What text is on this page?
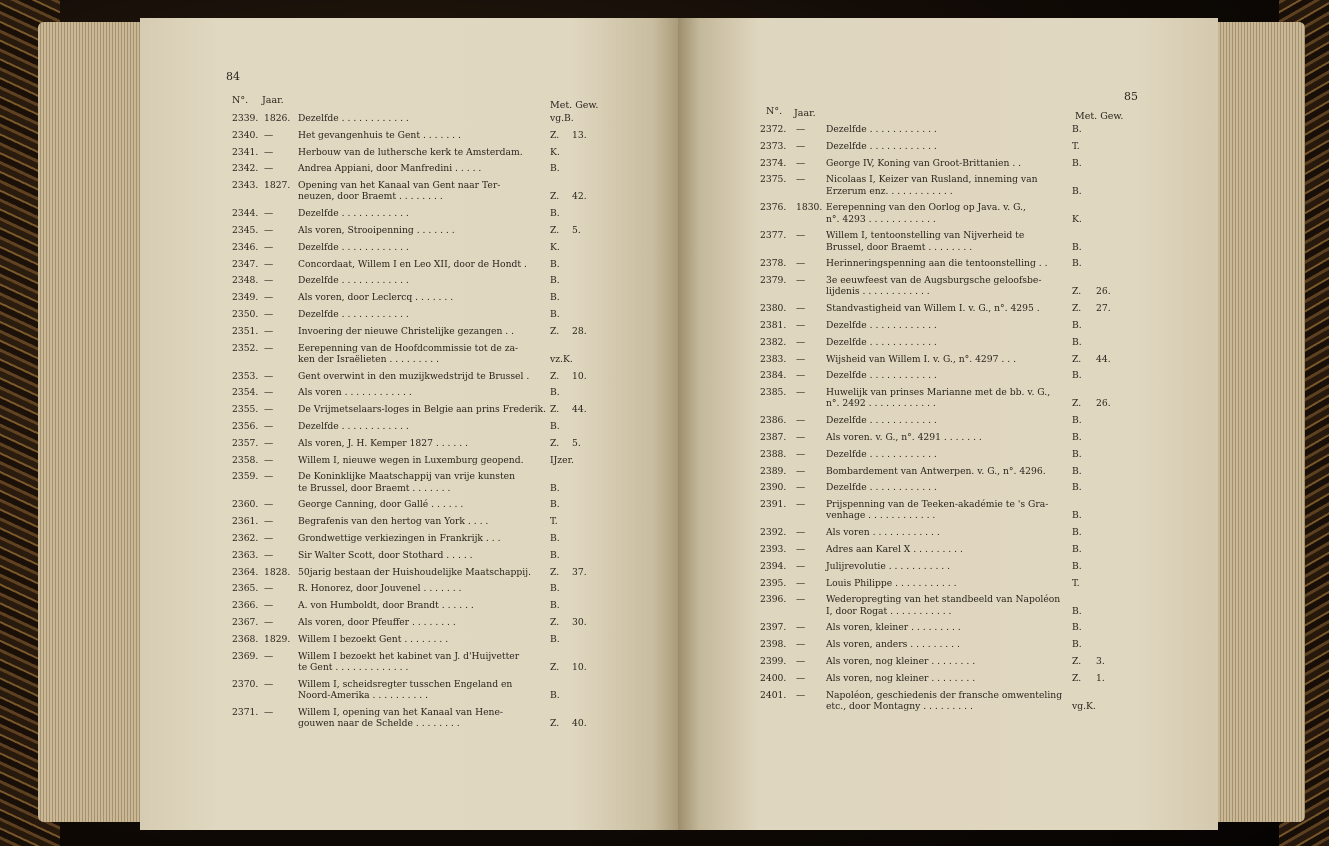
84
N°. Jaar.	Met. Gew.
2339. 1826. Dezelfde . . . . . . . . . . . .	vg.B.
2340. —	Het gevangenhuis te Gent . . . . . . .	Z. 13.
2341. —	Herbouw van de luthersche kerk te Amsterdam.	K.
2342. —	Andrea Appiani, door Manfredini . . . . .	B.
2343. 1827. Opening van het Kanaal van Gent naar Ter-
neuzen, door Braemt . . . . . . . .	Z. 42.
2344. —	Dezelfde . . . . . . . . . . . .	B.
2345. —	Als voren, Strooipenning . . . . . . .	Z. 5.
2346. —	Dezelfde . . . . . . . . . . . .	K.
2347. —	Concordaat, Willem I en Leo XII, door de Hondt .	B.
2348. —	Dezelfde . . . . . . . . . . . .	B.
2349. —	Als voren, door Leclercq . . . . . . .	B.
2350. —	Dezelfde . . . . . . . . . . . .	B.
2351. —	Invoering der nieuwe Christelijke gezangen . .	Z. 28.
2352. —	Eerepenning van de Hoofdcommissie tot de za-
ken der Israëlieten . . . . . . . . .	vz.K.
2353. —	Gent overwint in den muzijkwedstrijd te Brussel .	Z. 10.
2354. —	Als voren . . . . . . . . . . . .	B.
2355. —	De Vrijmetselaars-loges in Belgie aan prins Frederik. Z. 44.
2356. —	Dezelfde . . . . . . . . . . . .	B.
2357. —	Als voren, J. H. Kemper 1827 . . . . . .	Z. 5.
2358. —	Willem I, nieuwe wegen in Luxemburg geopend.	IJzer.
2359. —	De Koninklijke Maatschappij van vrije kunsten
te Brussel, door Braemt . . . . . . .	B.
2360. —	George Canning, door Gallé . . . . . .	B.
2361. —	Begrafenis van den hertog van York . . . .	T.
2362. —	Grondwettige verkiezingen in Frankrijk . . .	B.
2363. —	Sir Walter Scott, door Stothard . . . . .	B.
2364. 1828. 50jarig bestaan der Huishoudelijke Maatschappij.	Z. 37.
2365. —	R. Honorez, door Jouvenel . . . . . . .	B.
2366. —	A. von Humboldt, door Brandt . . . . . .	B.
2367. —	Als voren, door Pfeuffer . . . . . . . .	Z. 30.
2368. 1829. Willem I bezoekt Gent . . . . . . . .	B.
2369. —	Willem I bezoekt het kabinet van J. d'Huijvetter
te Gent . . . . . . . . . . . . .	Z. 10.
2370. —	Willem I, scheidsregter tusschen Engeland en
Noord-Amerika . . . . . . . . . .	B.
2371. —	Willem I, opening van het Kanaal van Hene-
gouwen naar de Schelde . . . . . . . .	Z. 40.
85
N°. Jaar.	Met. Gew.
2372. — Dezelfde . . . . . . . . . . . .	B.
2373. — Dezelfde . . . . . . . . . . . .	T.
2374. — George IV, Koning van Groot-Brittanien . .	B.
2375. — Nicolaas I, Keizer van Rusland, inneming van
Erzerum enz. . . . . . . . . . . .	B.
2376. 1830. Eerepenning van den Oorlog op Java. v. G.,
n°. 4293 . . . . . . . . . . . .	K.
2377. — Willem I, tentoonstelling van Nijverheid te
Brussel, door Braemt . . . . . . . .	B.
2378. — Herinneringspenning aan die tentoonstelling . .	B.
2379. — 3e eeuwfeest van de Augsburgsche geloofsbe-
lijdenis . . . . . . . . . . . .	Z. 26.
2380. — Standvastigheid van Willem I. v. G., n°. 4295 .	Z. 27.
2381. — Dezelfde . . . . . . . . . . . .	B.
2382. — Dezelfde . . . . . . . . . . . .	B.
2383. — Wijsheid van Willem I. v. G., n°. 4297 . . .	Z. 44.
2384. — Dezelfde . . . . . . . . . . . .	B.
2385. — Huwelijk van prinses Marianne met de bb. v. G.,
n°. 2492 . . . . . . . . . . . .	Z. 26.
2386. — Dezelfde . . . . . . . . . . . .	B.
2387. — Als voren. v. G., n°. 4291 . . . . . . .	B.
2388. — Dezelfde . . . . . . . . . . . .	B.
2389. — Bombardement van Antwerpen. v. G., n°. 4296.	B.
2390. — Dezelfde . . . . . . . . . . . .	B.
2391. — Prijspenning van de Teeken-akadémie te 's Gra-
venhage . . . . . . . . . . . .	B.
2392. — Als voren . . . . . . . . . . . .	B.
2393. — Adres aan Karel X . . . . . . . . .	B.
2394. — Julijrevolutie . . . . . . . . . . .	B.
2395. — Louis Philippe . . . . . . . . . . .	T.
2396. — Wederopregting van het standbeeld van Napoléon
I, door Rogat . . . . . . . . . . .	B.
2397. — Als voren, kleiner . . . . . . . . .	B.
2398. — Als voren, anders . . . . . . . . .	B.
2399. — Als voren, nog kleiner . . . . . . . .	Z. 3.
2400. — Als voren, nog kleiner . . . . . . . .	Z. 1.
2401. — Napoléon, geschiedenis der fransche omwenteling
etc., door Montagny . . . . . . . . .	vg.K.
